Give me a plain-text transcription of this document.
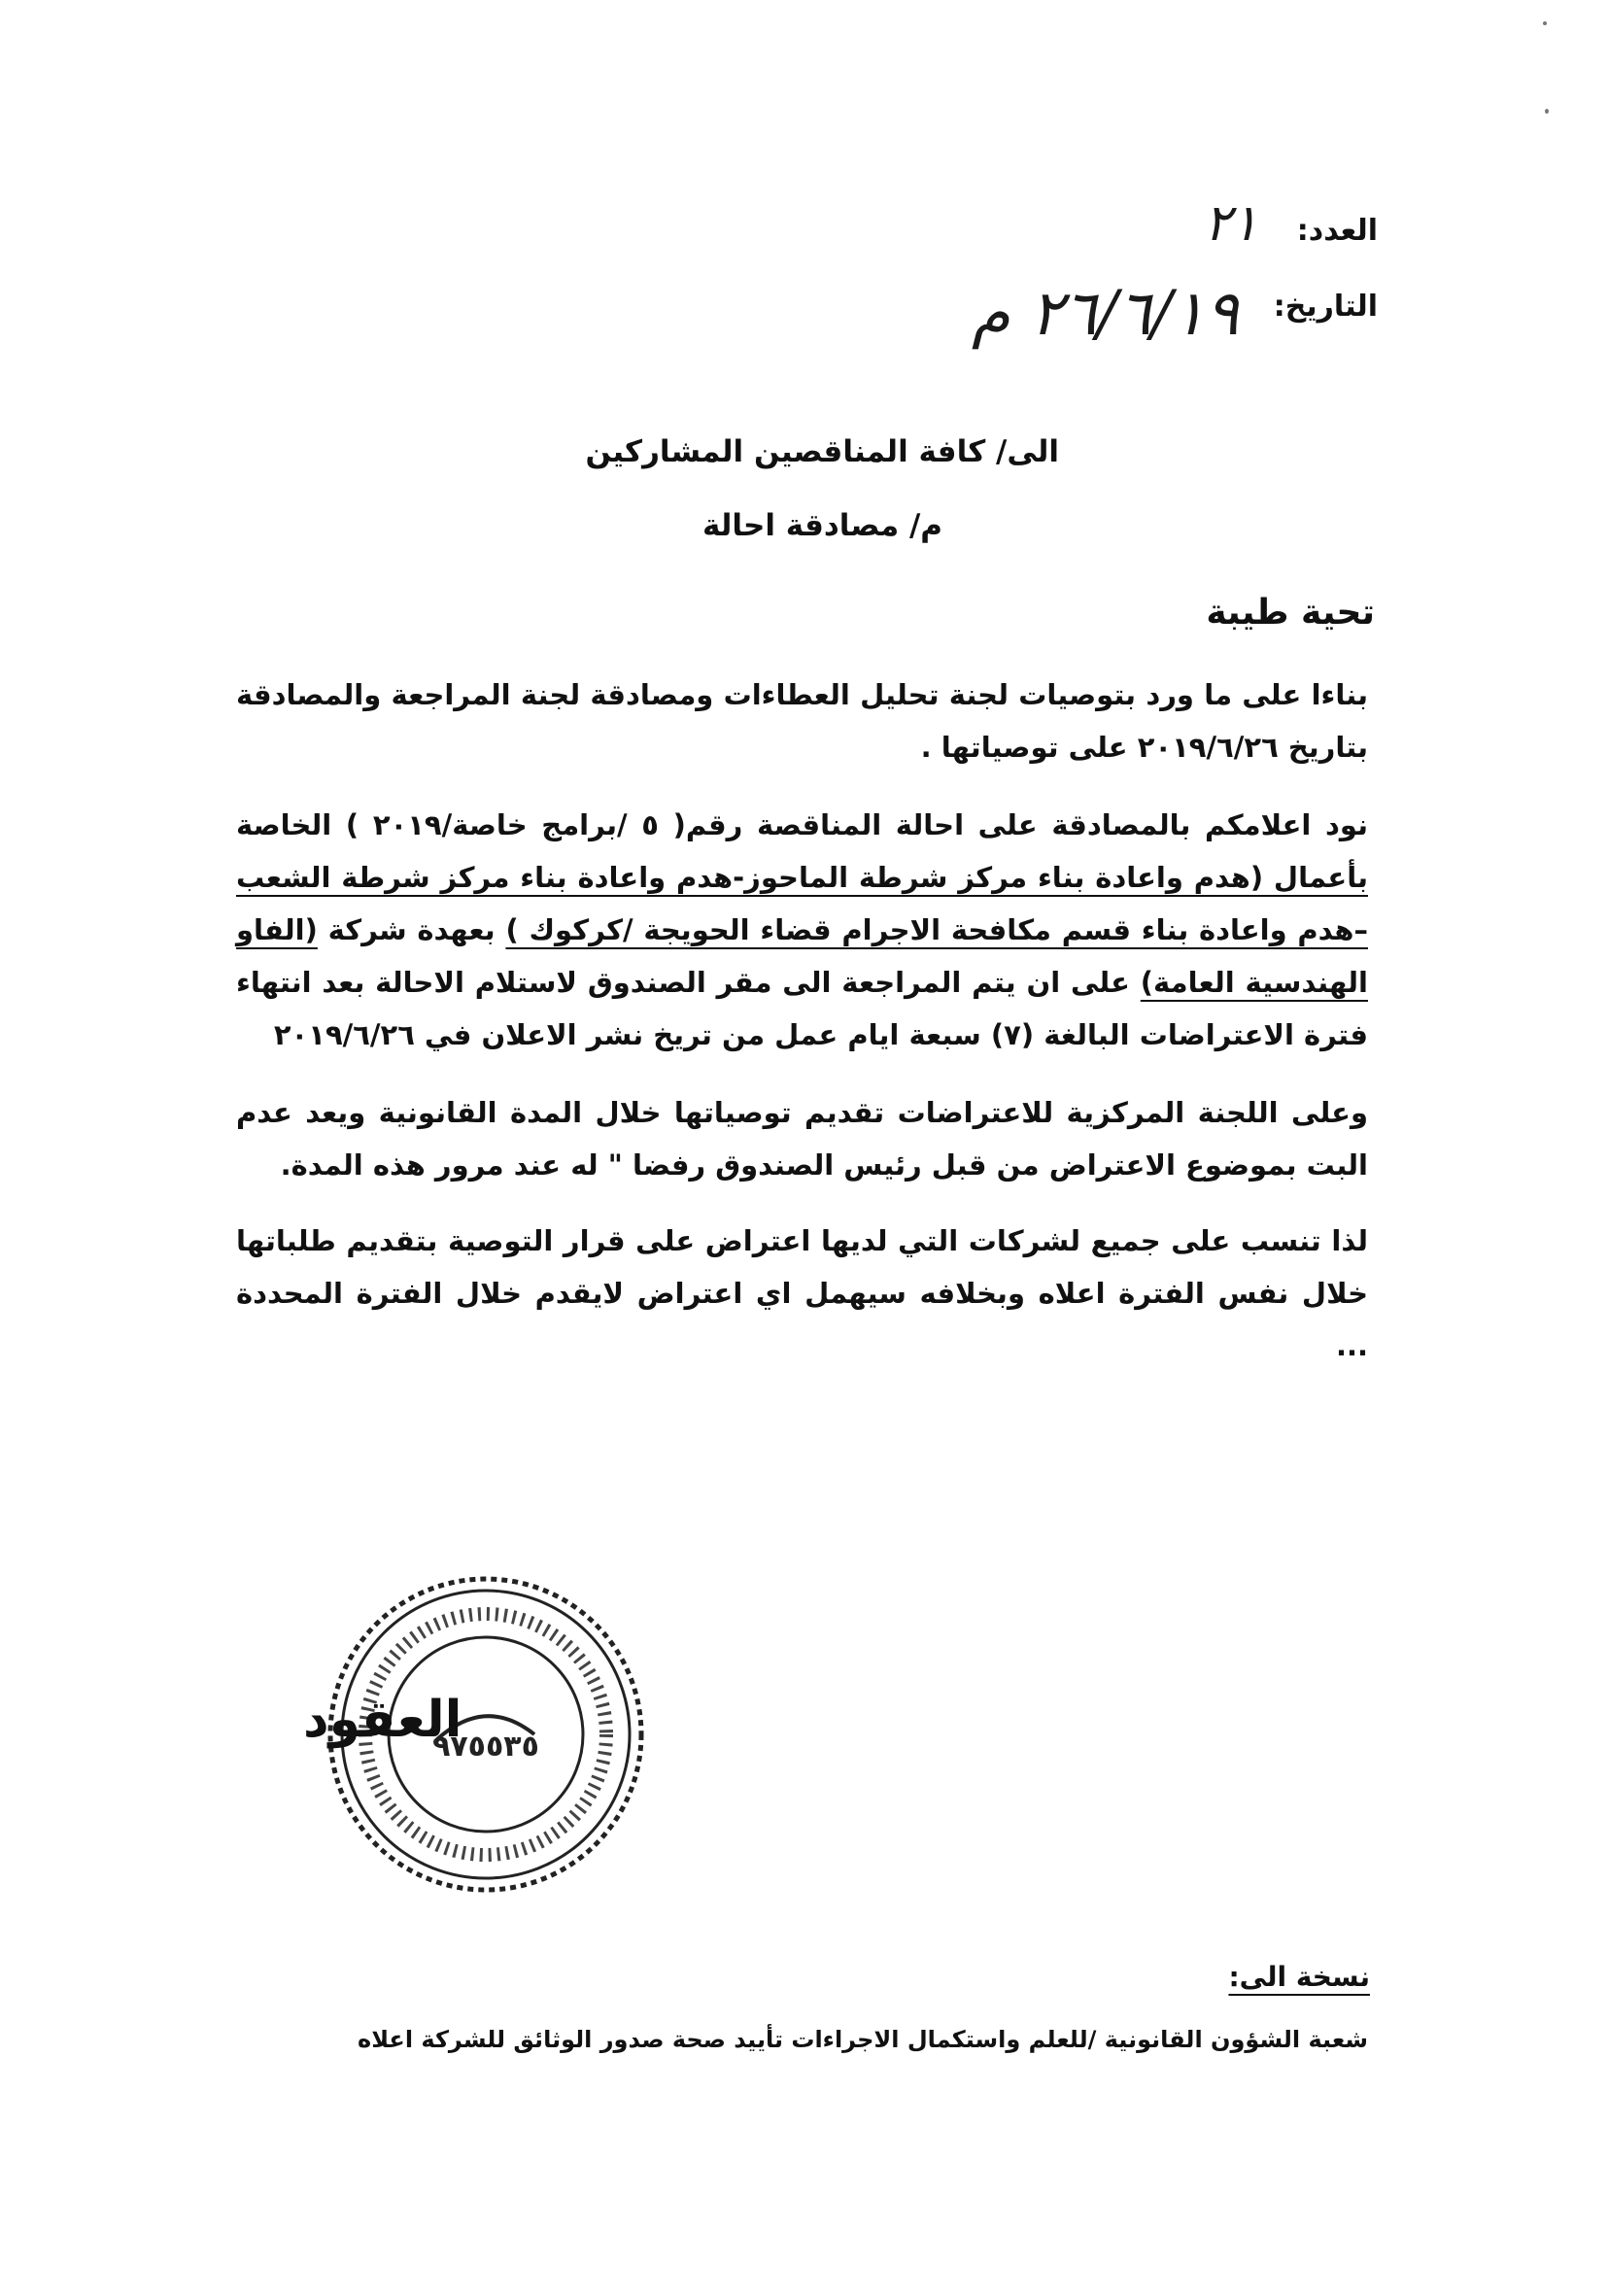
العدد:
٢١
التاريخ:
٢٦/٦/١٩ م
الى/ كافة المناقصين المشاركين
م/ مصادقة احالة
تحية طيبة

بناءا على ما ورد بتوصيات لجنة تحليل العطاءات ومصادقة لجنة المراجعة والمصادقة بتاريخ ٢٠١٩/٦/٢٦ على توصياتها .

نود اعلامكم بالمصادقة على احالة المناقصة رقم( ٥ /برامج خاصة/٢٠١٩ ) الخاصة بأعمال (هدم واعادة بناء مركز شرطة الماحوز-هدم واعادة بناء مركز شرطة الشعب –هدم واعادة بناء قسم مكافحة الاجرام قضاء الحويجة /كركوك ) بعهدة شركة (الفاو الهندسية العامة) على ان يتم المراجعة الى مقر الصندوق لاستلام الاحالة بعد انتهاء فترة الاعتراضات البالغة (٧) سبعة ايام عمل من تريخ نشر الاعلان في ٢٠١٩/٦/٢٦

وعلى اللجنة المركزية للاعتراضات تقديم توصياتها خلال المدة القانونية ويعد عدم البت بموضوع الاعتراض من قبل رئيس الصندوق رفضا " له عند مرور هذه المدة.

لذا تنسب على جميع لشركات التي لديها اعتراض على قرار التوصية بتقديم طلباتها خلال نفس الفترة اعلاه وبخلافه سيهمل اي اعتراض لايقدم خلال الفترة المحددة ...

٩٧٥٥٣٥
العقود
نسخة الى:
شعبة الشؤون القانونية /للعلم واستكمال الاجراءات تأييد صحة صدور الوثائق للشركة اعلاه
